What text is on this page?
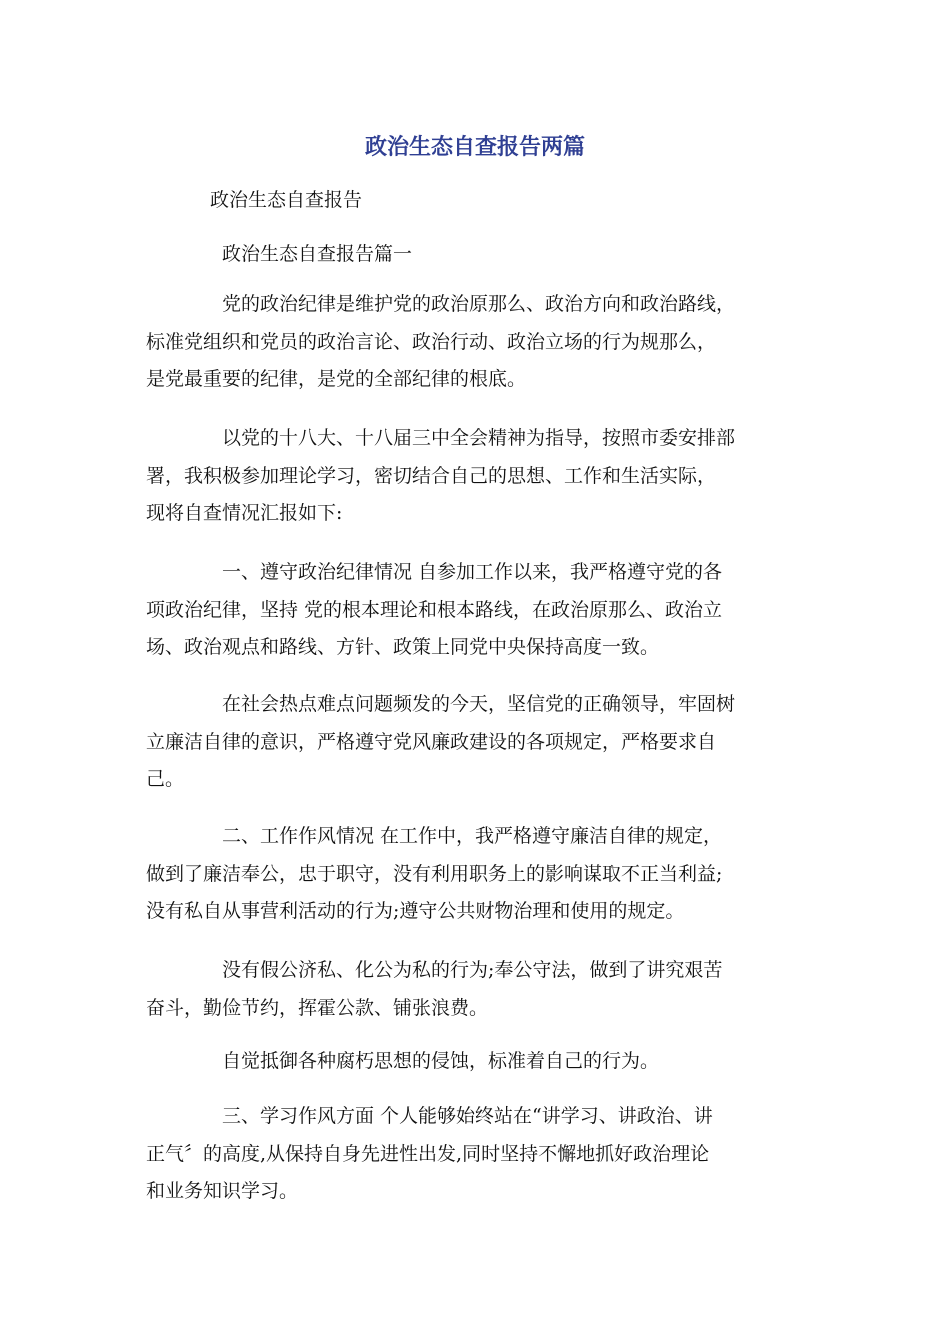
政治生态自查报告两篇
政治生态自查报告
政治生态自查报告篇一
党的政治纪律是维护党的政治原那么、政治方向和政治路线，
标准党组织和党员的政治言论、政治行动、政治立场的行为规那么，
是党最重要的纪律，是党的全部纪律的根底。
以党的十八大、十八届三中全会精神为指导，按照市委安排部
署，我积极参加理论学习，密切结合自己的思想、工作和生活实际，
现将自查情况汇报如下:
一、遵守政治纪律情况 自参加工作以来，我严格遵守党的各
项政治纪律，坚持 党的根本理论和根本路线，在政治原那么、政治立
场、政治观点和路线、方针、政策上同党中央保持高度一致。
在社会热点难点问题频发的今天，坚信党的正确领导，牢固树
立廉洁自律的意识，严格遵守党风廉政建设的各项规定，严格要求自
己。
二、工作作风情况 在工作中，我严格遵守廉洁自律的规定，
做到了廉洁奉公，忠于职守，没有利用职务上的影响谋取不正当利益;
没有私自从事营利活动的行为;遵守公共财物治理和使用的规定。
没有假公济私、化公为私的行为;奉公守法，做到了讲究艰苦
奋斗，勤俭节约，挥霍公款、铺张浪费。
自觉抵御各种腐朽思想的侵蚀，标准着自己的行为。
三、学习作风方面 个人能够始终站在“讲学习、讲政治、讲
正气〞的高度,从保持自身先进性出发,同时坚持不懈地抓好政治理论
和业务知识学习。
